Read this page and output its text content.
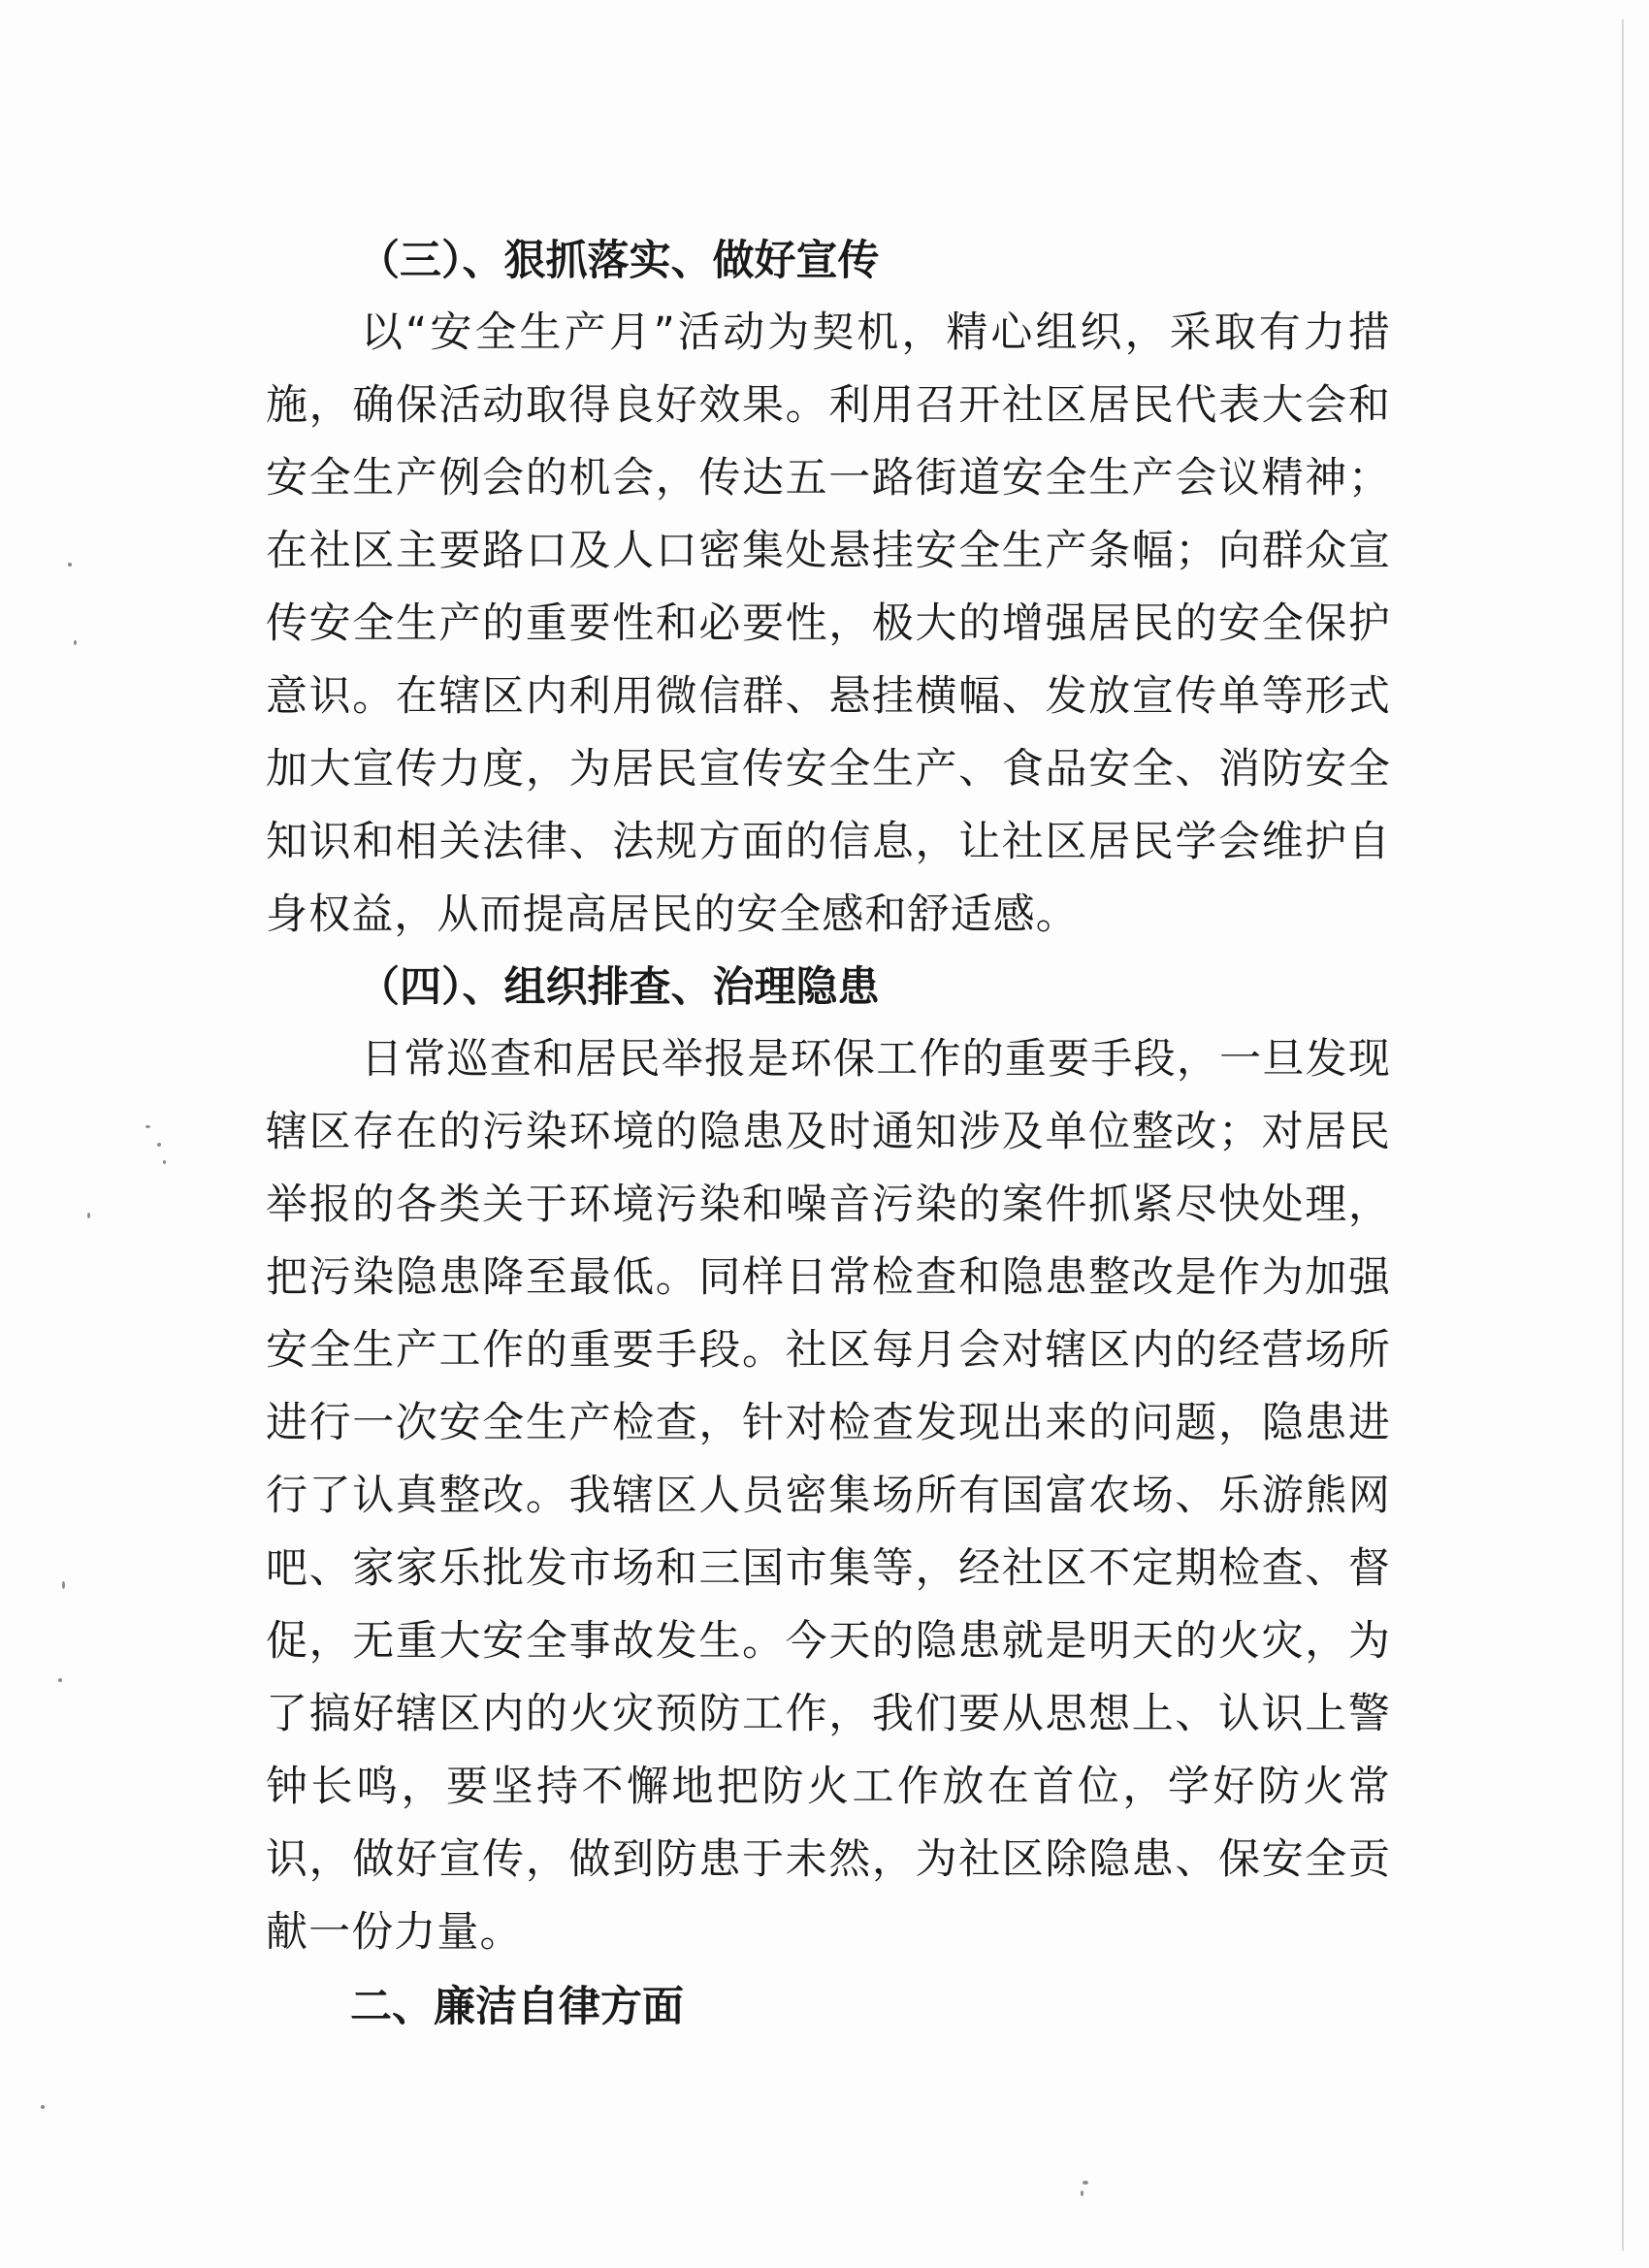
（三）、狠抓落实、做好宣传

以“安全生产月”活动为契机，精心组织，采取有力措施，确保活动取得良好效果。利用召开社区居民代表大会和安全生产例会的机会，传达五一路街道安全生产会议精神；在社区主要路口及人口密集处悬挂安全生产条幅；向群众宣传安全生产的重要性和必要性，极大的增强居民的安全保护意识。在辖区内利用微信群、悬挂横幅、发放宣传单等形式加大宣传力度，为居民宣传安全生产、食品安全、消防安全知识和相关法律、法规方面的信息，让社区居民学会维护自身权益，从而提高居民的安全感和舒适感。

（四）、组织排查、治理隐患

日常巡查和居民举报是环保工作的重要手段，一旦发现辖区存在的污染环境的隐患及时通知涉及单位整改；对居民举报的各类关于环境污染和噪音污染的案件抓紧尽快处理，把污染隐患降至最低。同样日常检查和隐患整改是作为加强安全生产工作的重要手段。社区每月会对辖区内的经营场所进行一次安全生产检查，针对检查发现出来的问题，隐患进行了认真整改。我辖区人员密集场所有国富农场、乐游熊网吧、家家乐批发市场和三国市集等，经社区不定期检查、督促，无重大安全事故发生。今天的隐患就是明天的火灾，为了搞好辖区内的火灾预防工作，我们要从思想上、认识上警钟长鸣，要坚持不懈地把防火工作放在首位，学好防火常识，做好宣传，做到防患于未然，为社区除隐患、保安全贡献一份力量。

二、廉洁自律方面
